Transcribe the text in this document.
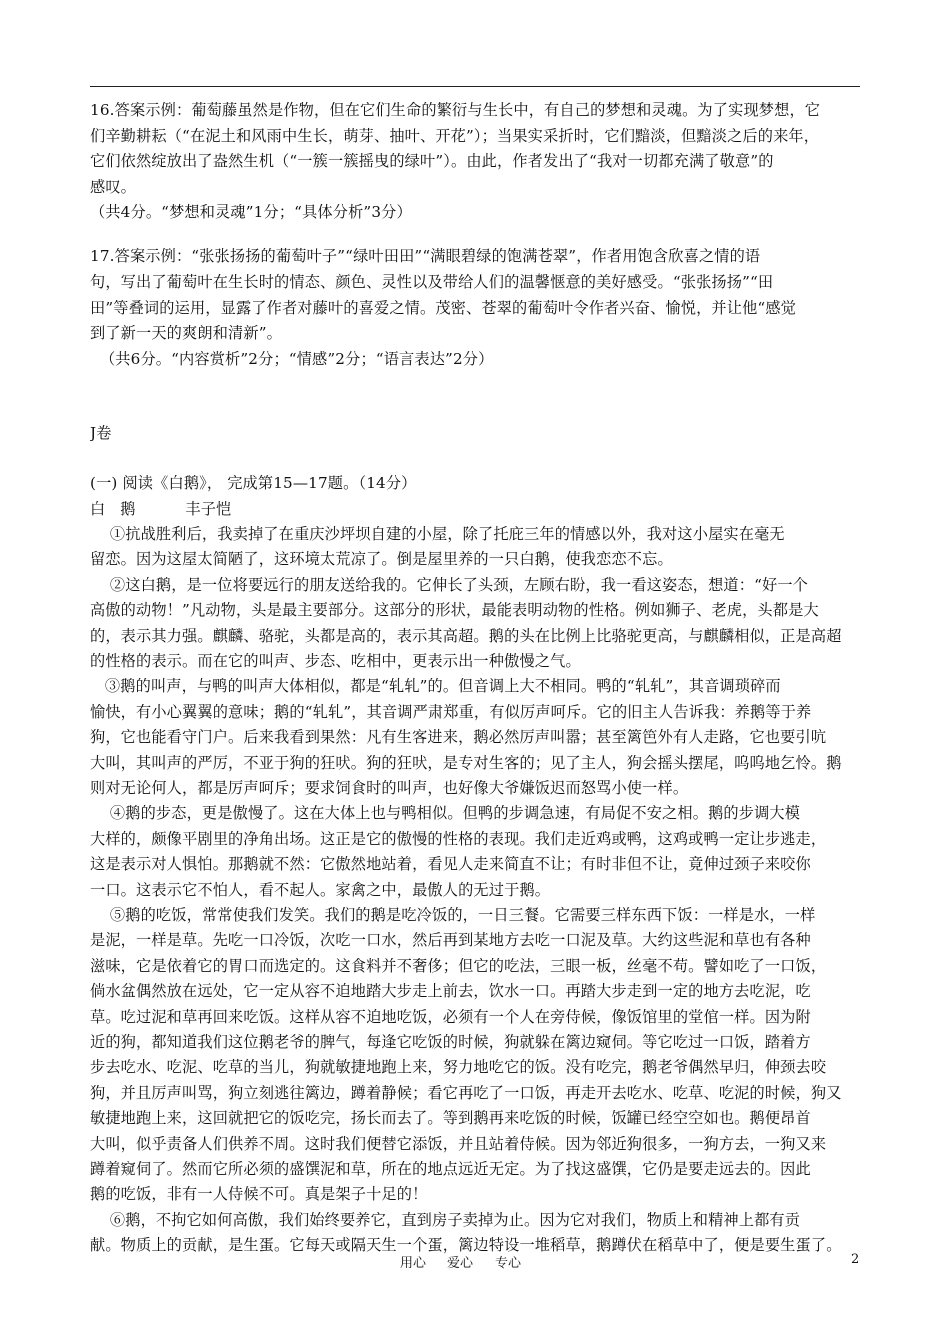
16.答案示例：葡萄藤虽然是作物，但在它们生命的繁衍与生长中，有自己的梦想和灵魂。为了实现梦想，它
们辛勤耕耘（“在泥土和风雨中生长，萌芽、抽叶、开花”）；当果实采折时，它们黯淡，但黯淡之后的来年，
它们依然绽放出了盎然生机（“一簇一簇摇曳的绿叶”）。由此，作者发出了“我对一切都充满了敬意”的
感叹。
（共4分。“梦想和灵魂”1分；“具体分析”3分）
17.答案示例：“张张扬扬的葡萄叶子”“绿叶田田”“满眼碧绿的饱满苍翠”，作者用饱含欣喜之情的语
句，写出了葡萄叶在生长时的情态、颜色、灵性以及带给人们的温馨惬意的美好感受。“张张扬扬”“田
田”等叠词的运用，显露了作者对藤叶的喜爱之情。茂密、苍翠的葡萄叶令作者兴奋、愉悦，并让他“感觉
到了新一天的爽朗和清新”。
（共6分。“内容赏析”2分；“情感”2分；“语言表达”2分）
J卷
(一) 阅读《白鹅》， 完成第15—17题。（14分）
白   鹅          丰子恺
①抗战胜利后，我卖掉了在重庆沙坪坝自建的小屋，除了托庇三年的情感以外，我对这小屋实在毫无
留恋。因为这屋太简陋了，这环境太荒凉了。倒是屋里养的一只白鹅，使我恋恋不忘。
②这白鹅，是一位将要远行的朋友送给我的。它伸长了头颈，左顾右盼，我一看这姿态，想道：“好一个
高傲的动物！”凡动物，头是最主要部分。这部分的形状，最能表明动物的性格。例如狮子、老虎，头都是大
的，表示其力强。麒麟、骆驼，头都是高的，表示其高超。鹅的头在比例上比骆驼更高，与麒麟相似，正是高超
的性格的表示。而在它的叫声、步态、吃相中，更表示出一种傲慢之气。
③鹅的叫声，与鸭的叫声大体相似，都是“轧轧”的。但音调上大不相同。鸭的“轧轧”，其音调琐碎而
愉快，有小心翼翼的意味；鹅的“轧轧”，其音调严肃郑重，有似厉声呵斥。它的旧主人告诉我：养鹅等于养
狗，它也能看守门户。后来我看到果然：凡有生客进来，鹅必然厉声叫嚣；甚至篱笆外有人走路，它也要引吭
大叫，其叫声的严厉，不亚于狗的狂吠。狗的狂吠，是专对生客的；见了主人，狗会摇头摆尾，呜呜地乞怜。鹅
则对无论何人，都是厉声呵斥；要求饲食时的叫声，也好像大爷嫌饭迟而怒骂小使一样。
④鹅的步态，更是傲慢了。这在大体上也与鸭相似。但鸭的步调急速，有局促不安之相。鹅的步调大模
大样的，颇像平剧里的净角出场。这正是它的傲慢的性格的表现。我们走近鸡或鸭，这鸡或鸭一定让步逃走，
这是表示对人惧怕。那鹅就不然：它傲然地站着，看见人走来简直不让；有时非但不让，竟伸过颈子来咬你
一口。这表示它不怕人，看不起人。家禽之中，最傲人的无过于鹅。
⑤鹅的吃饭，常常使我们发笑。我们的鹅是吃冷饭的，一日三餐。它需要三样东西下饭：一样是水，一样
是泥，一样是草。先吃一口冷饭，次吃一口水，然后再到某地方去吃一口泥及草。大约这些泥和草也有各种
滋味，它是依着它的胃口而选定的。这食料并不奢侈；但它的吃法，三眼一板，丝毫不苟。譬如吃了一口饭，
倘水盆偶然放在远处，它一定从容不迫地踏大步走上前去，饮水一口。再踏大步走到一定的地方去吃泥，吃
草。吃过泥和草再回来吃饭。这样从容不迫地吃饭，必须有一个人在旁侍候，像饭馆里的堂倌一样。因为附
近的狗，都知道我们这位鹅老爷的脾气，每逢它吃饭的时候，狗就躲在篱边窥伺。等它吃过一口饭，踏着方
步去吃水、吃泥、吃草的当儿，狗就敏捷地跑上来，努力地吃它的饭。没有吃完，鹅老爷偶然早归，伸颈去咬
狗，并且厉声叫骂，狗立刻逃往篱边，蹲着静候；看它再吃了一口饭，再走开去吃水、吃草、吃泥的时候，狗又
敏捷地跑上来，这回就把它的饭吃完，扬长而去了。等到鹅再来吃饭的时候，饭罐已经空空如也。鹅便昂首
大叫，似乎责备人们供养不周。这时我们便替它添饭，并且站着侍候。因为邻近狗很多，一狗方去，一狗又来
蹲着窥伺了。然而它所必须的盛馔泥和草，所在的地点远近无定。为了找这盛馔，它仍是要走远去的。因此
鹅的吃饭，非有一人侍候不可。真是架子十足的！
⑥鹅，不拘它如何高傲，我们始终要养它，直到房子卖掉为止。因为它对我们，物质上和精神上都有贡
献。物质上的贡献，是生蛋。它每天或隔天生一个蛋，篱边特设一堆稻草，鹅蹲伏在稻草中了，便是要生蛋了。
用心 爱心 专心	2
